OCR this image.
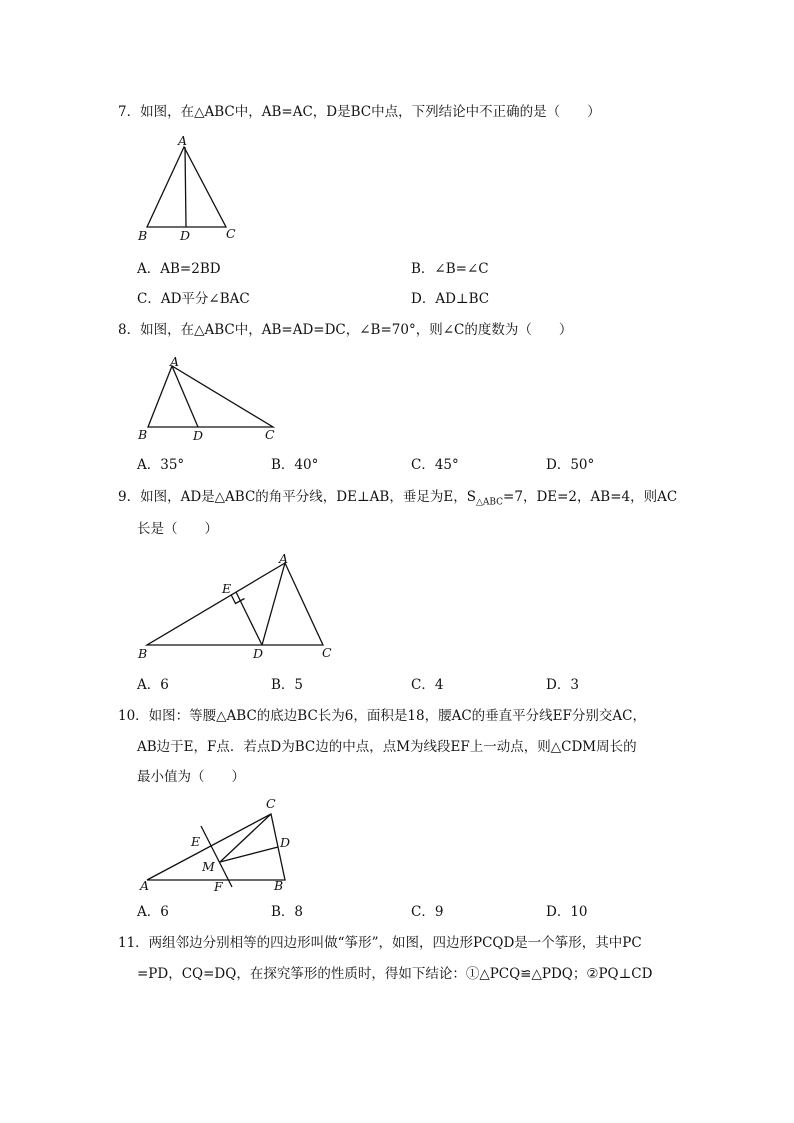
7．如图，在△ABC中，AB=AC，D是BC中点，下列结论中不正确的是（　　）
A
B	D	C
A．AB=2BD	B．∠B=∠C
C．AD平分∠BAC	D．AD⊥BC
8．如图，在△ABC中，AB=AD=DC，∠B=70°，则∠C的度数为（　　）
A
B	D	C
A．35°	B．40°	C．45°	D．50°
9．如图，AD是△ABC的角平分线，DE⊥AB，垂足为E，$S_{\triangle ABC}=7$，DE=2，AB=4，则AC
长是（　　）
A
E
B	D	C
A．6	B．5	C．4	D．3
10．如图：等腰△ABC的底边BC长为6，面积是18，腰AC的垂直平分线EF分别交AC，
AB边于E，F点．若点D为BC边的中点，点M为线段EF上一动点，则△CDM周长的
最小值为（　　）
C
E	D
M
A	F	B
A．6	B．8	C．9	D．10
11．两组邻边分别相等的四边形叫做“筝形”，如图，四边形PCQD是一个筝形，其中PC
=PD，CQ=DQ，在探究筝形的性质时，得如下结论：①△PCQ≌△PDQ；②PQ⊥CD
